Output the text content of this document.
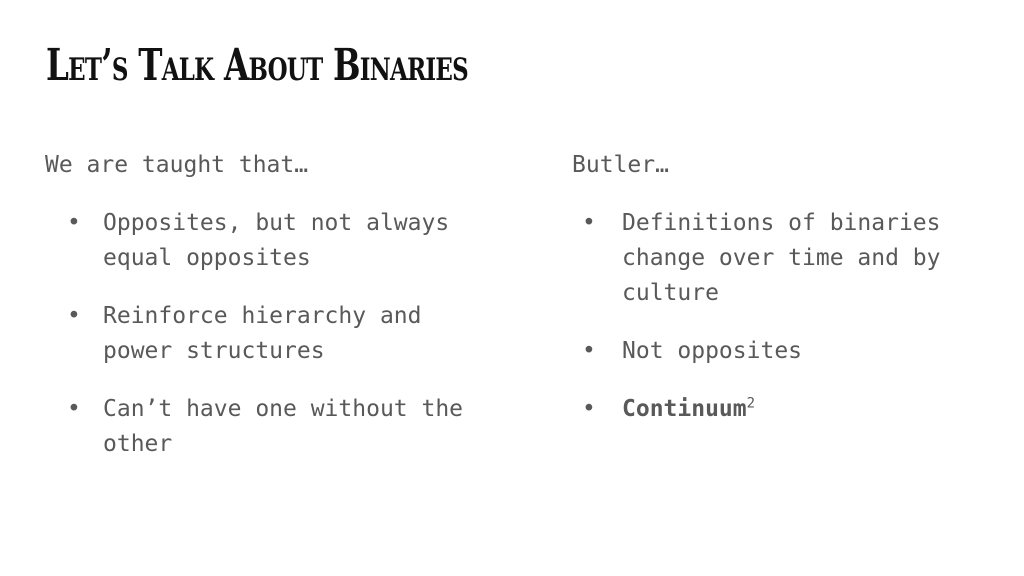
Let’s Talk About Binaries

We are taught that…

• Opposites, but not always equal opposites
• Reinforce hierarchy and power structures
• Can’t have one without the other

Butler…

• Definitions of binaries change over time and by culture
• Not opposites
• Continuum$^2$
